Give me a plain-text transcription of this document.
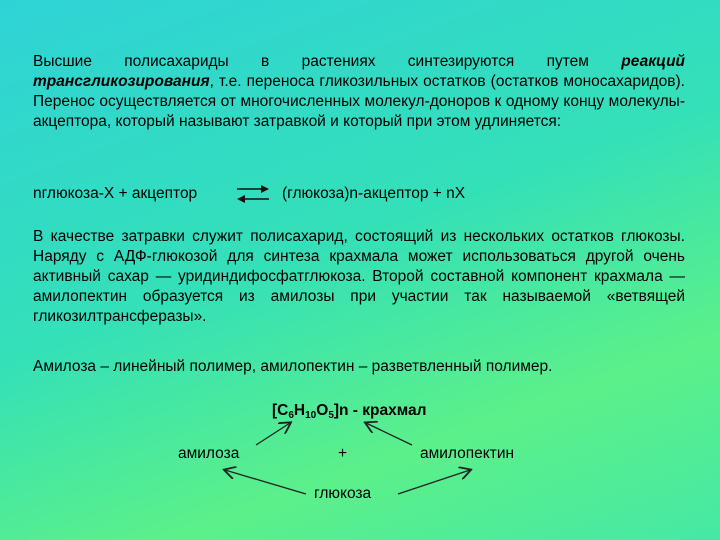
Высшие полисахариды в растениях синтезируются путем реакций трансгликозирования, т.е. переноса гликозильных остатков (остатков моносахаридов). Перенос осуществляется от многочисленных молекул-доноров к одному концу молекулы-акцептора, который называют затравкой и который при этом удлиняется:
nглюкоза-X + акцептор ⇌ (глюкоза)n-акцептор + nX
В качестве затравки служит полисахарид, состоящий из нескольких остатков глюкозы. Наряду с АДФ-глюкозой для синтеза крахмала может использоваться другой очень активный сахар — уридиндифосфатглюкоза. Второй составной компонент крахмала — амилопектин образуется из амилозы при участии так называемой «ветвящей гликозилтрансферазы».
Амилоза – линейный полимер, амилопектин – разветвленный полимер.
$[C_6H_{10}O_5]n$ - крахмал
амилоза	+	амилопектин
глюкоза
